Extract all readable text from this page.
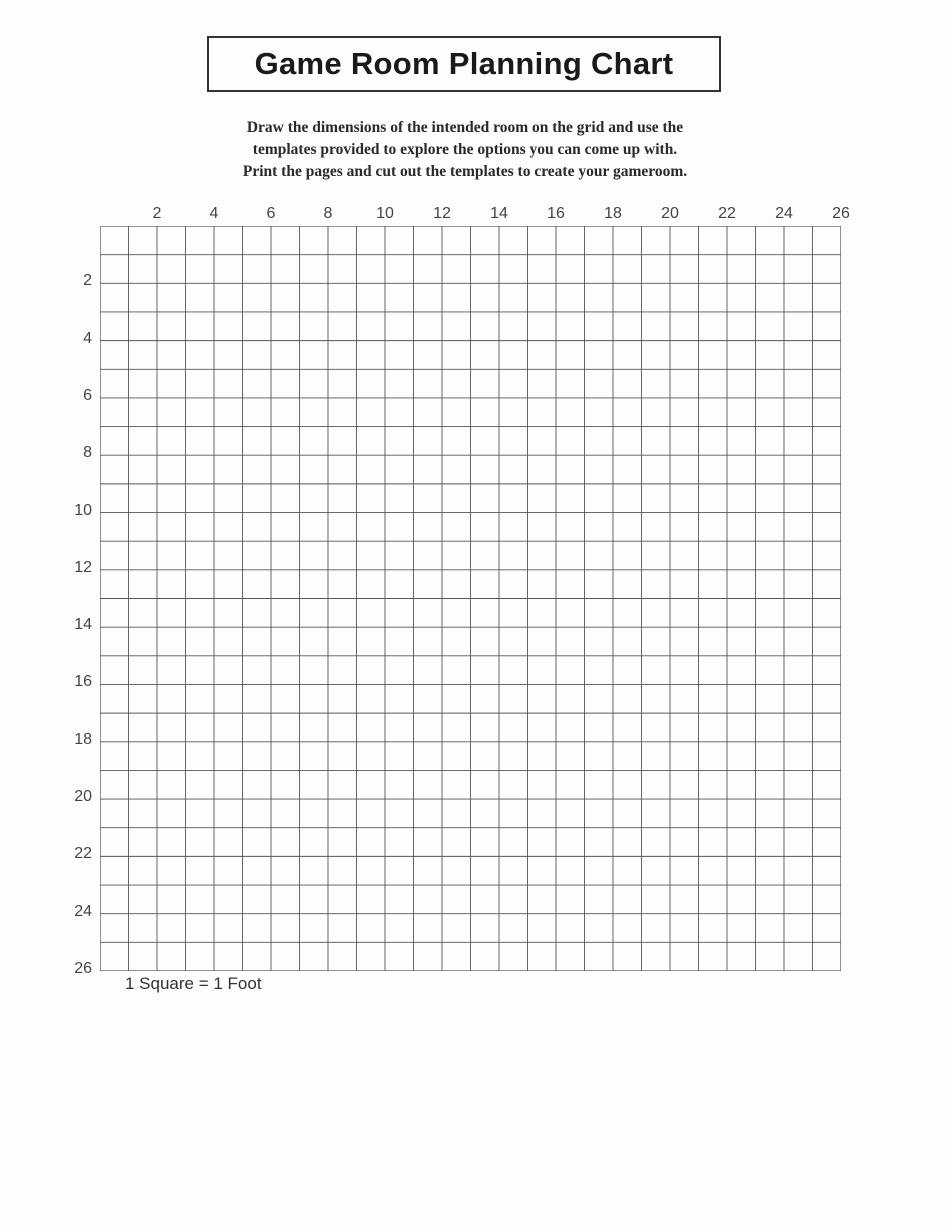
Game Room Planning Chart
Draw the dimensions of the intended room on the grid and use the
templates provided to explore the options you can come up with.
Print the pages and cut out the templates to create your gameroom.
2	4	6	8	10	12	14	16	18	20	22	24	26
2
4
6
8
10
12
14
16
18
20
22
24
26
1 Square = 1 Foot
